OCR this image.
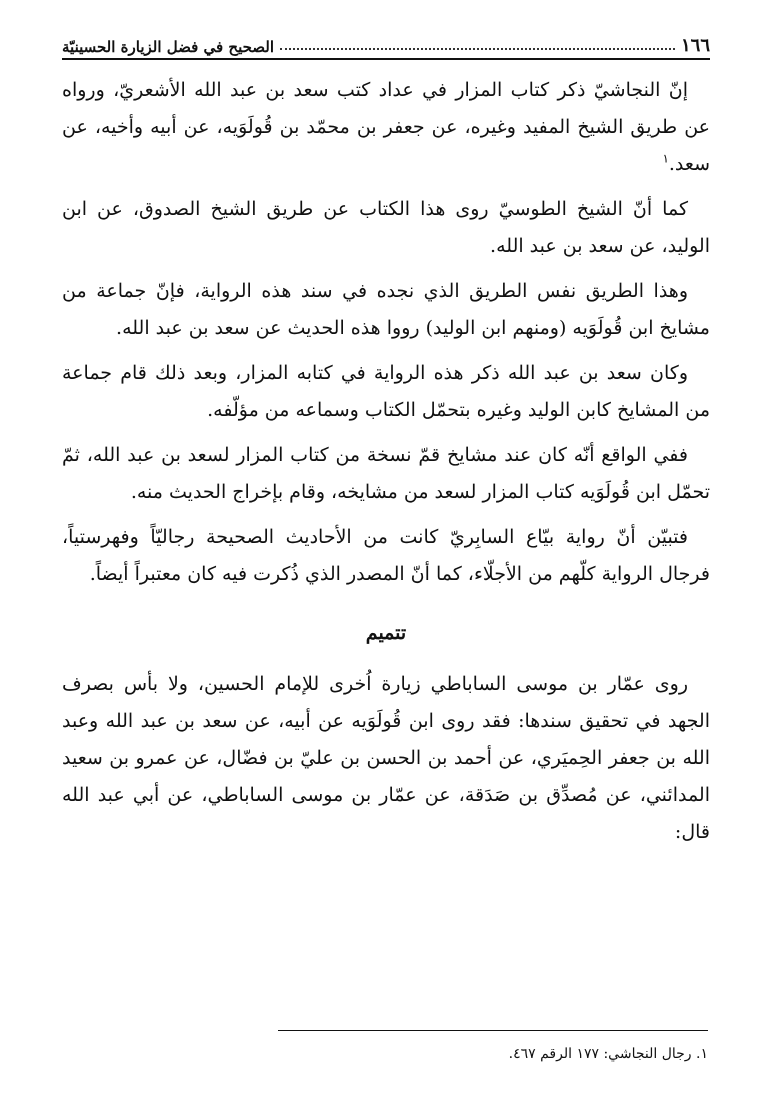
١٦٦
الصحيح في فضل الزيارة الحسينيّة

إنّ النجاشيّ ذكر كتاب المزار في عداد كتب سعد بن عبد الله الأشعريّ، ورواه عن طريق الشيخ المفيد وغيره، عن جعفر بن محمّد بن قُولَوَيه، عن أبيه وأخيه، عن سعد.$^١$

كما أنّ الشيخ الطوسيّ روى هذا الكتاب عن طريق الشيخ الصدوق، عن ابن الوليد، عن سعد بن عبد الله.

وهذا الطريق نفس الطريق الذي نجده في سند هذه الرواية، فإنّ جماعة من مشايخ ابن قُولَوَيه (ومنهم ابن الوليد) رووا هذه الحديث عن سعد بن عبد الله.

وكان سعد بن عبد الله ذكر هذه الرواية في كتابه المزار، وبعد ذلك قام جماعة من المشايخ كابن الوليد وغيره بتحمّل الكتاب وسماعه من مؤلّفه.

ففي الواقع أنّه كان عند مشايخ قمّ نسخة من كتاب المزار لسعد بن عبد الله، ثمّ تحمّل ابن قُولَوَيه كتاب المزار لسعد من مشايخه، وقام بإخراج الحديث منه.

فتبيّن أنّ رواية بيّاع السابِريّ كانت من الأحاديث الصحيحة رجاليّاً وفهرستياً، فرجال الرواية كلّهم من الأجلّاء، كما أنّ المصدر الذي ذُكرت فيه كان معتبراً أيضاً.

تتميم

روى عمّار بن موسى الساباطي زيارة اُخرى للإمام الحسين، ولا بأس بصرف الجهد في تحقيق سندها: فقد روى ابن قُولَوَيه عن أبيه، عن سعد بن عبد الله وعبد الله بن جعفر الحِميَري، عن أحمد بن الحسن بن عليّ بن فضّال، عن عمرو بن سعيد المدائني، عن مُصدِّق بن صَدَقة، عن عمّار بن موسى الساباطي، عن أبي عبد الله قال:

١. رجال النجاشي: ١٧٧ الرقم ٤٦٧.
